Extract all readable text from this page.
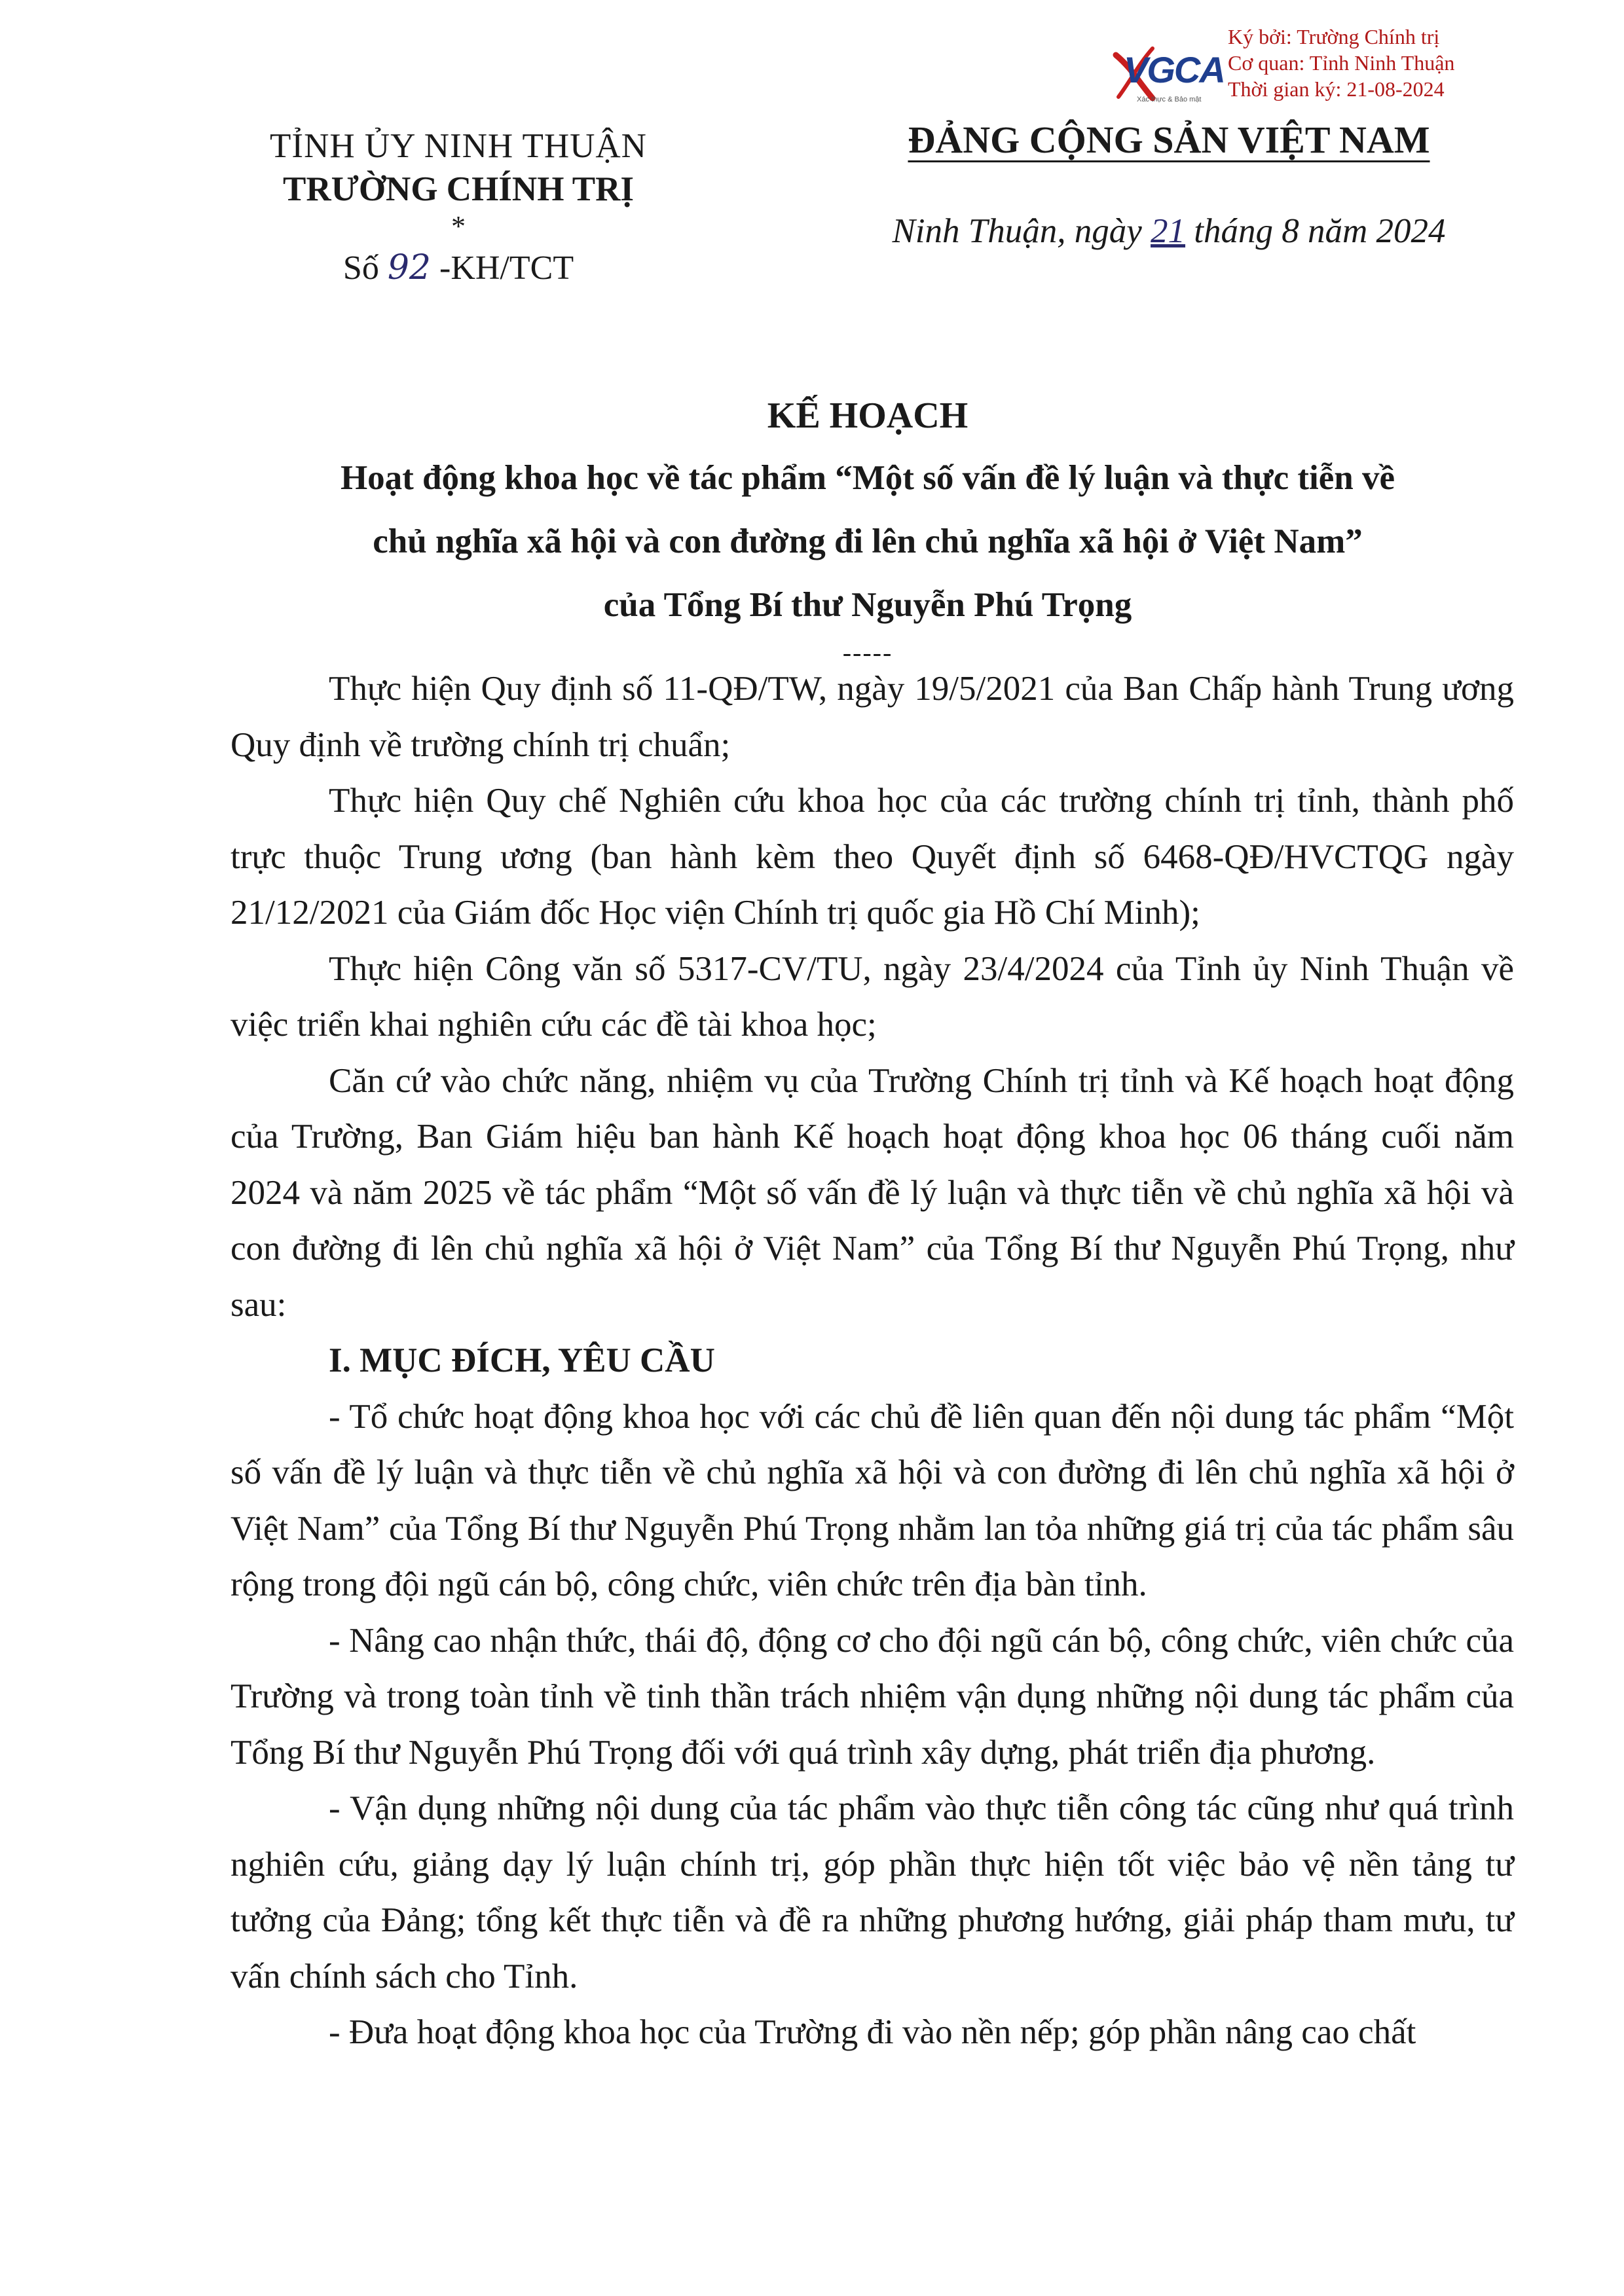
VGCA
Xác thực & Bảo mật
Ký bởi: Trường Chính trị
Cơ quan: Tỉnh Ninh Thuận
Thời gian ký: 21-08-2024
TỈNH ỦY NINH THUẬN
TRƯỜNG CHÍNH TRỊ
*
Số 92 -KH/TCT
ĐẢNG CỘNG SẢN VIỆT NAM
Ninh Thuận, ngày 21 tháng 8 năm 2024
KẾ HOẠCH
Hoạt động khoa học về tác phẩm “Một số vấn đề lý luận và thực tiễn về
chủ nghĩa xã hội và con đường đi lên chủ nghĩa xã hội ở Việt Nam”
của Tổng Bí thư Nguyễn Phú Trọng
-----

Thực hiện Quy định số 11-QĐ/TW, ngày 19/5/2021 của Ban Chấp hành Trung ương Quy định về trường chính trị chuẩn;

Thực hiện Quy chế Nghiên cứu khoa học của các trường chính trị tỉnh, thành phố trực thuộc Trung ương (ban hành kèm theo Quyết định số 6468-QĐ/HVCTQG ngày 21/12/2021 của Giám đốc Học viện Chính trị quốc gia Hồ Chí Minh);

Thực hiện Công văn số 5317-CV/TU, ngày 23/4/2024 của Tỉnh ủy Ninh Thuận về việc triển khai nghiên cứu các đề tài khoa học;

Căn cứ vào chức năng, nhiệm vụ của Trường Chính trị tỉnh và Kế hoạch hoạt động của Trường, Ban Giám hiệu ban hành Kế hoạch hoạt động khoa học 06 tháng cuối năm 2024 và năm 2025 về tác phẩm “Một số vấn đề lý luận và thực tiễn về chủ nghĩa xã hội và con đường đi lên chủ nghĩa xã hội ở Việt Nam” của Tổng Bí thư Nguyễn Phú Trọng, như sau:

I. MỤC ĐÍCH, YÊU CẦU

- Tổ chức hoạt động khoa học với các chủ đề liên quan đến nội dung tác phẩm “Một số vấn đề lý luận và thực tiễn về chủ nghĩa xã hội và con đường đi lên chủ nghĩa xã hội ở Việt Nam” của Tổng Bí thư Nguyễn Phú Trọng nhằm lan tỏa những giá trị của tác phẩm sâu rộng trong đội ngũ cán bộ, công chức, viên chức trên địa bàn tỉnh.

- Nâng cao nhận thức, thái độ, động cơ cho đội ngũ cán bộ, công chức, viên chức của Trường và trong toàn tỉnh về tinh thần trách nhiệm vận dụng những nội dung tác phẩm của Tổng Bí thư Nguyễn Phú Trọng đối với quá trình xây dựng, phát triển địa phương.

- Vận dụng những nội dung của tác phẩm vào thực tiễn công tác cũng như quá trình nghiên cứu, giảng dạy lý luận chính trị, góp phần thực hiện tốt việc bảo vệ nền tảng tư tưởng của Đảng; tổng kết thực tiễn và đề ra những phương hướng, giải pháp tham mưu, tư vấn chính sách cho Tỉnh.

- Đưa hoạt động khoa học của Trường đi vào nền nếp; góp phần nâng cao chất
